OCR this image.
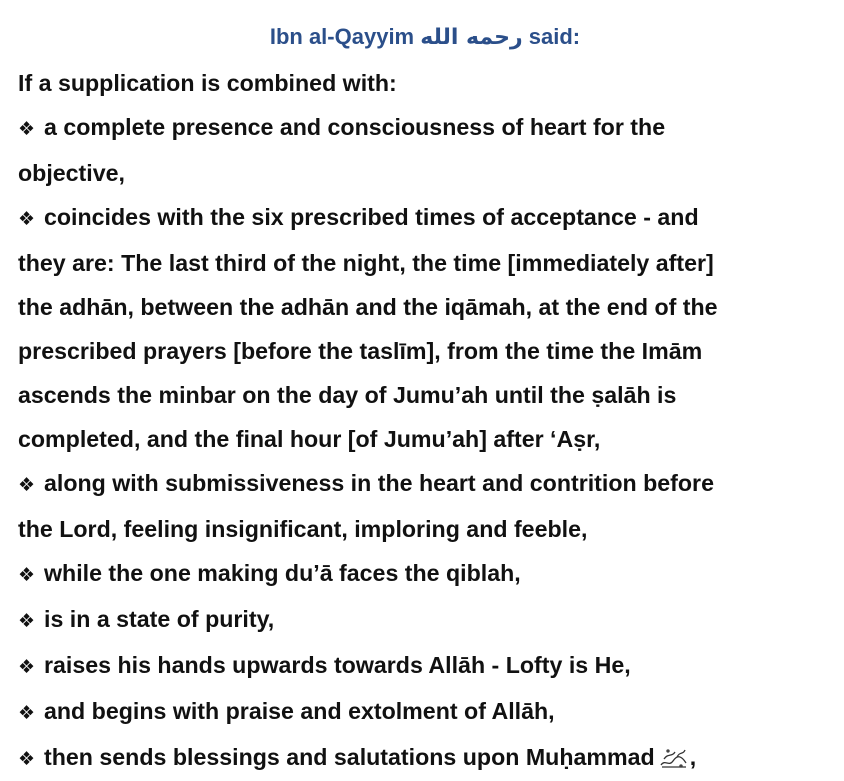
Ibn al-Qayyim رحمه الله said:
If a supplication is combined with:
❖ a complete presence and consciousness of heart for the
objective,
❖ coincides with the six prescribed times of acceptance - and
they are: The last third of the night, the time [immediately after]
the adhān, between the adhān and the iqāmah, at the end of the
prescribed prayers [before the taslīm], from the time the Imām
ascends the minbar on the day of Jumu’ah until the ṣalāh is
completed, and the final hour [of Jumu’ah] after ‘Aṣr,
❖ along with submissiveness in the heart and contrition before
the Lord, feeling insignificant, imploring and feeble,
❖ while the one making du’ā faces the qiblah,
❖ is in a state of purity,
❖ raises his hands upwards towards Allāh - Lofty is He,
❖ and begins with praise and extolment of Allāh,
❖ then sends blessings and salutations upon Muḥammad ,
